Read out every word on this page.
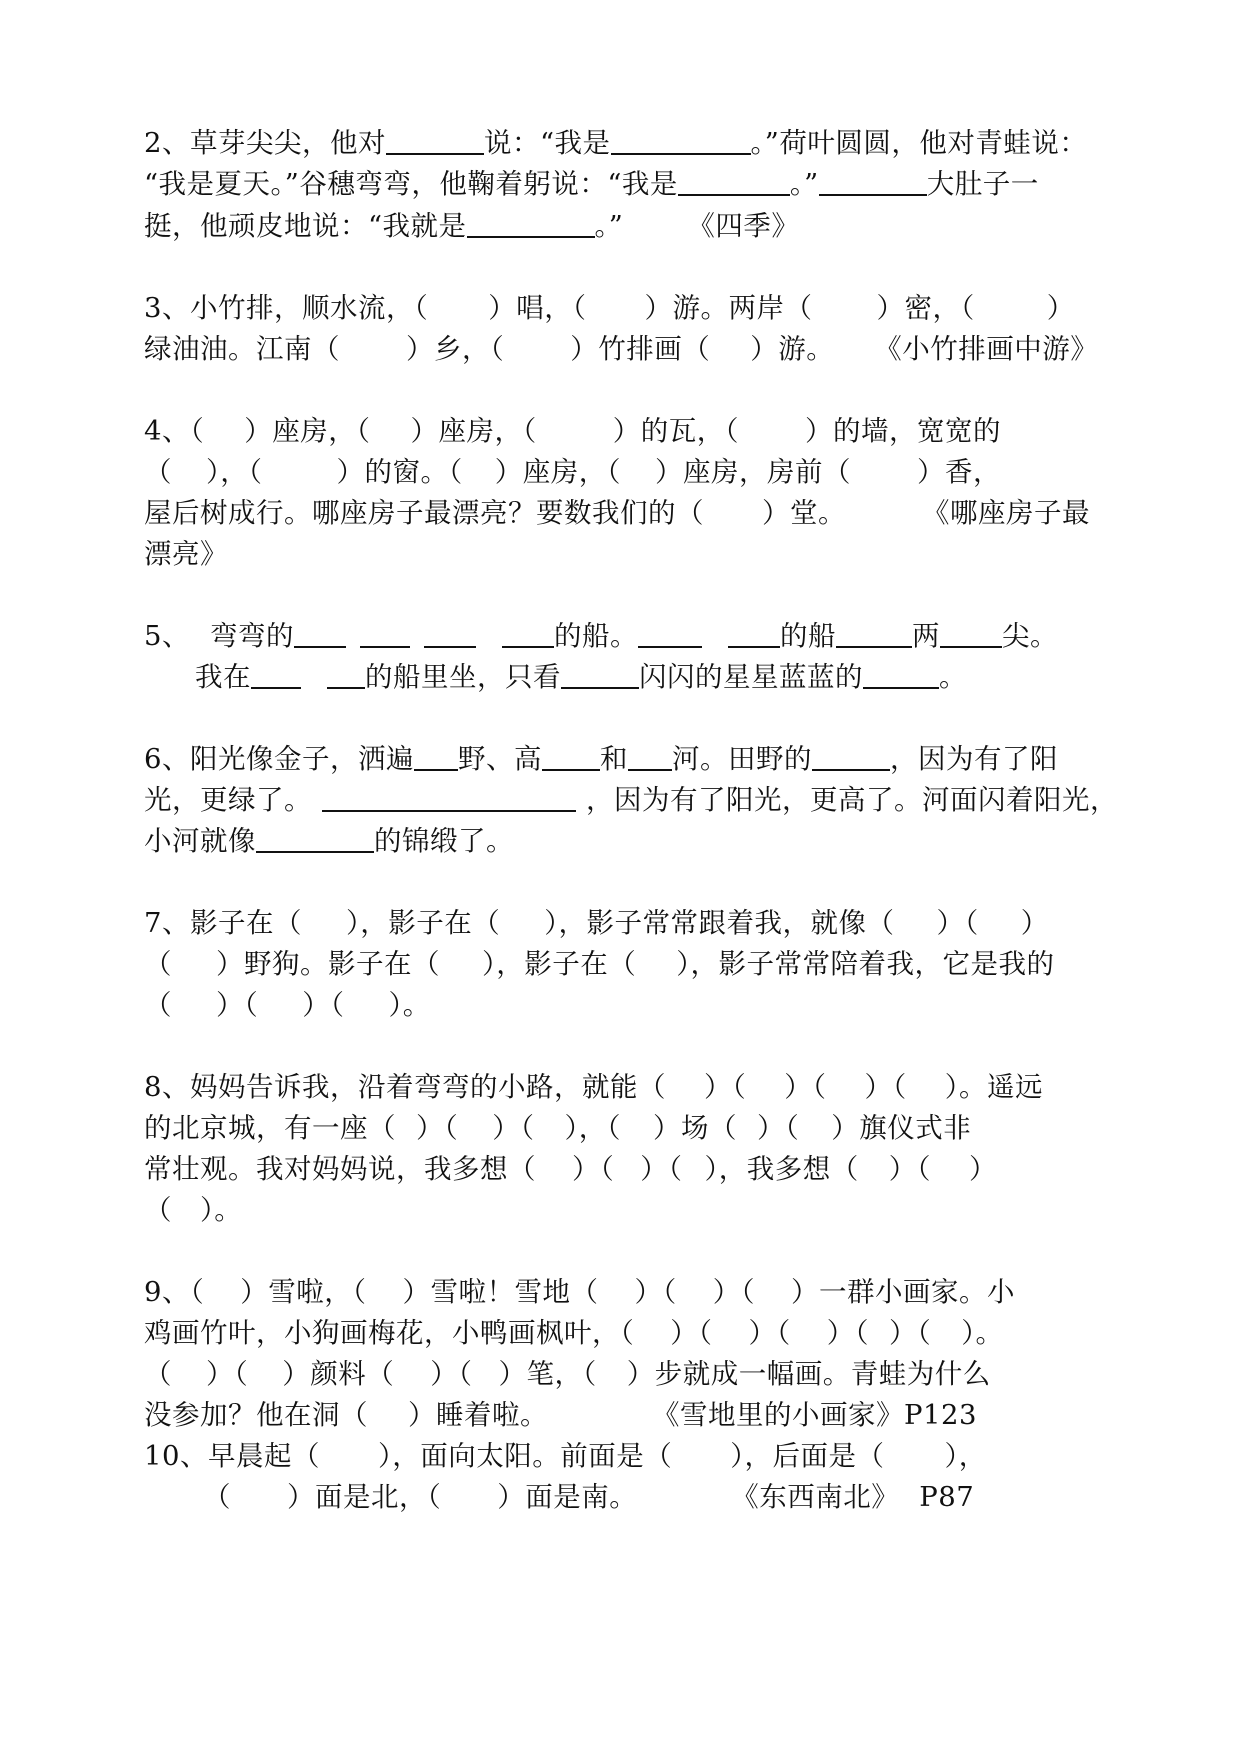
2、草芽尖尖，他对	说：“我是	。”荷叶圆圆，他对青蛙说：

“我是夏天。”谷穗弯弯，他鞠着躬说：“我是	。”	大肚子一

挺，他顽皮地说：“我就是	。” 《四季》

3、小竹排，顺水流，（ ）唱，（ ）游。两岸（ ）密，（	）

绿油油。江南（ ）乡，（ ）竹排画（ ）游。 《小竹排画中游》

4、（ ）座房，（ ）座房，（	）的瓦，（ ）的墙，宽宽的

（ ），（	）的窗。（ ）座房，（ ）座房，房前（ ）香，

屋后树成行。哪座房子最漂亮？要数我们的（ ）堂。	《哪座房子最

漂亮》

5、 弯弯的	的船。	的船	两 尖。

我在	的船里坐，只看	闪闪的星星蓝蓝的	。

6、阳光像金子，洒遍 野、高 和 河。田野的	，因为有了阳

光，更绿了。	，因为有了阳光，更高了。河面闪着阳光，

小河就像	的锦缎了。

7、影子在（ ），影子在（ ），影子常常跟着我，就像（ ）（ ）

（ ）野狗。影子在（ ），影子在（ ），影子常常陪着我，它是我的

（ ）（ ）（ ）。

8、妈妈告诉我，沿着弯弯的小路，就能（ ）（ ）（ ）（ ）。遥远

的北京城，有一座（ ）（ ）（ ），（ ）场（ ）（ ）旗仪式非

常壮观。我对妈妈说，我多想（ ）（ ）（ ），我多想（ ）（ ）

（ ）。

9、（ ）雪啦，（ ）雪啦！雪地（ ）（ ）（ ）一群小画家。小

鸡画竹叶，小狗画梅花，小鸭画枫叶，（ ）（ ）（ ）（ ）（ ）。

（ ）（ ）颜料（ ）（ ）笔，（ ）步就成一幅画。青蛙为什么

没参加？他在洞（ ）睡着啦。	《雪地里的小画家》P123

10、早晨起（ ），面向太阳。前面是（ ），后面是（ ），

（ ）面是北，（ ）面是南。	《东西南北》 P87
